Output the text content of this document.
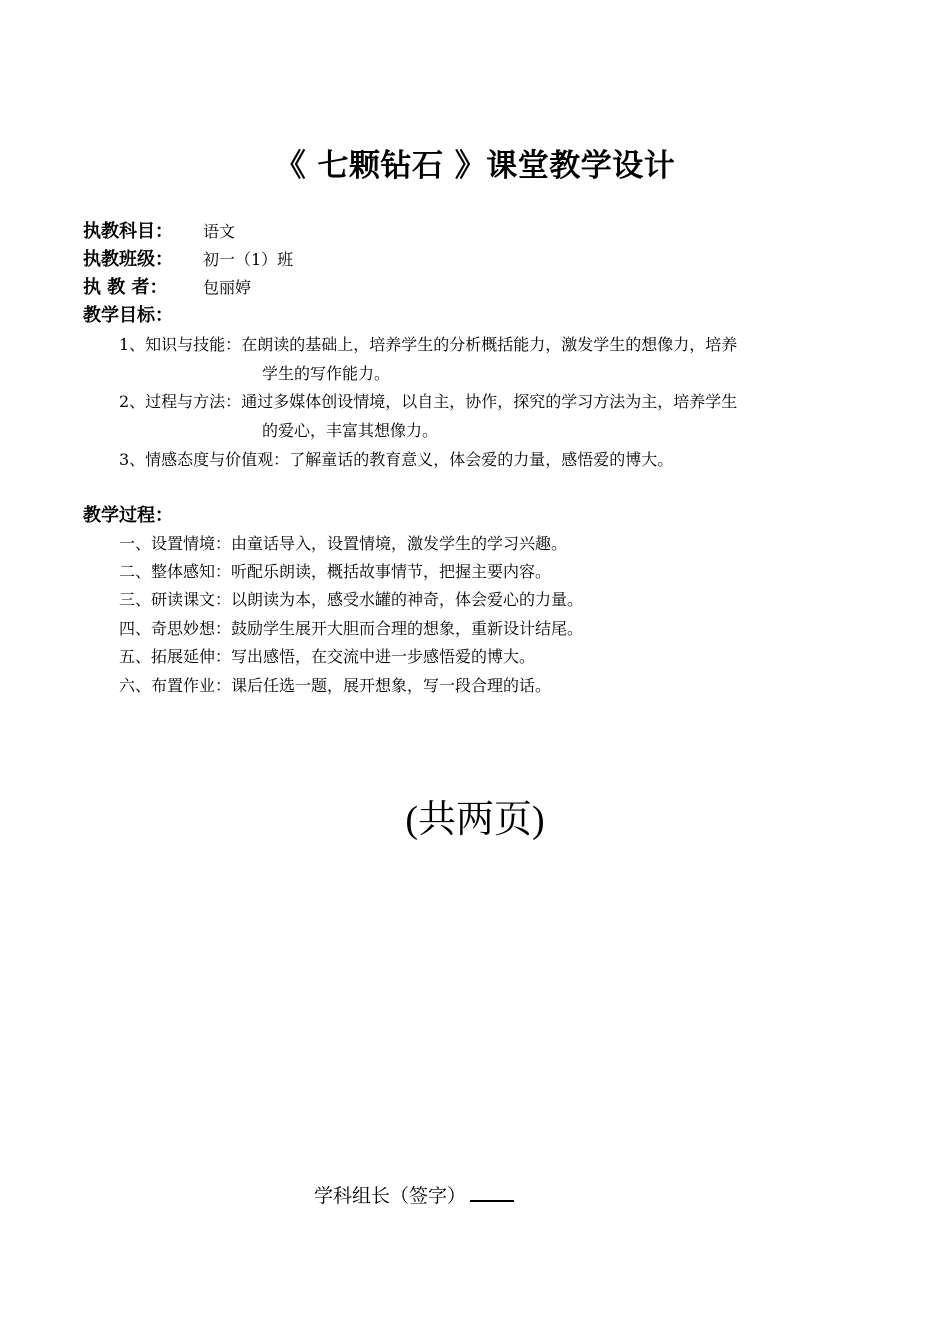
《 七颗钻石 》课堂教学设计
执教科目： 语文
执教班级： 初一（1）班
执 教 者： 包丽婷
教学目标：
1、知识与技能：在朗读的基础上，培养学生的分析概括能力，激发学生的想像力，培养
学生的写作能力。
2、过程与方法：通过多媒体创设情境，以自主，协作，探究的学习方法为主，培养学生
的爱心，丰富其想像力。
3、情感态度与价值观：了解童话的教育意义，体会爱的力量，感悟爱的博大。
教学过程：
一、设置情境：由童话导入，设置情境，激发学生的学习兴趣。
二、整体感知：听配乐朗读，概括故事情节，把握主要内容。
三、研读课文：以朗读为本，感受水罐的神奇，体会爱心的力量。
四、奇思妙想：鼓励学生展开大胆而合理的想象，重新设计结尾。
五、拓展延伸：写出感悟，在交流中进一步感悟爱的博大。
六、布置作业：课后任选一题，展开想象，写一段合理的话。
(共两页)
学科组长（签字）
